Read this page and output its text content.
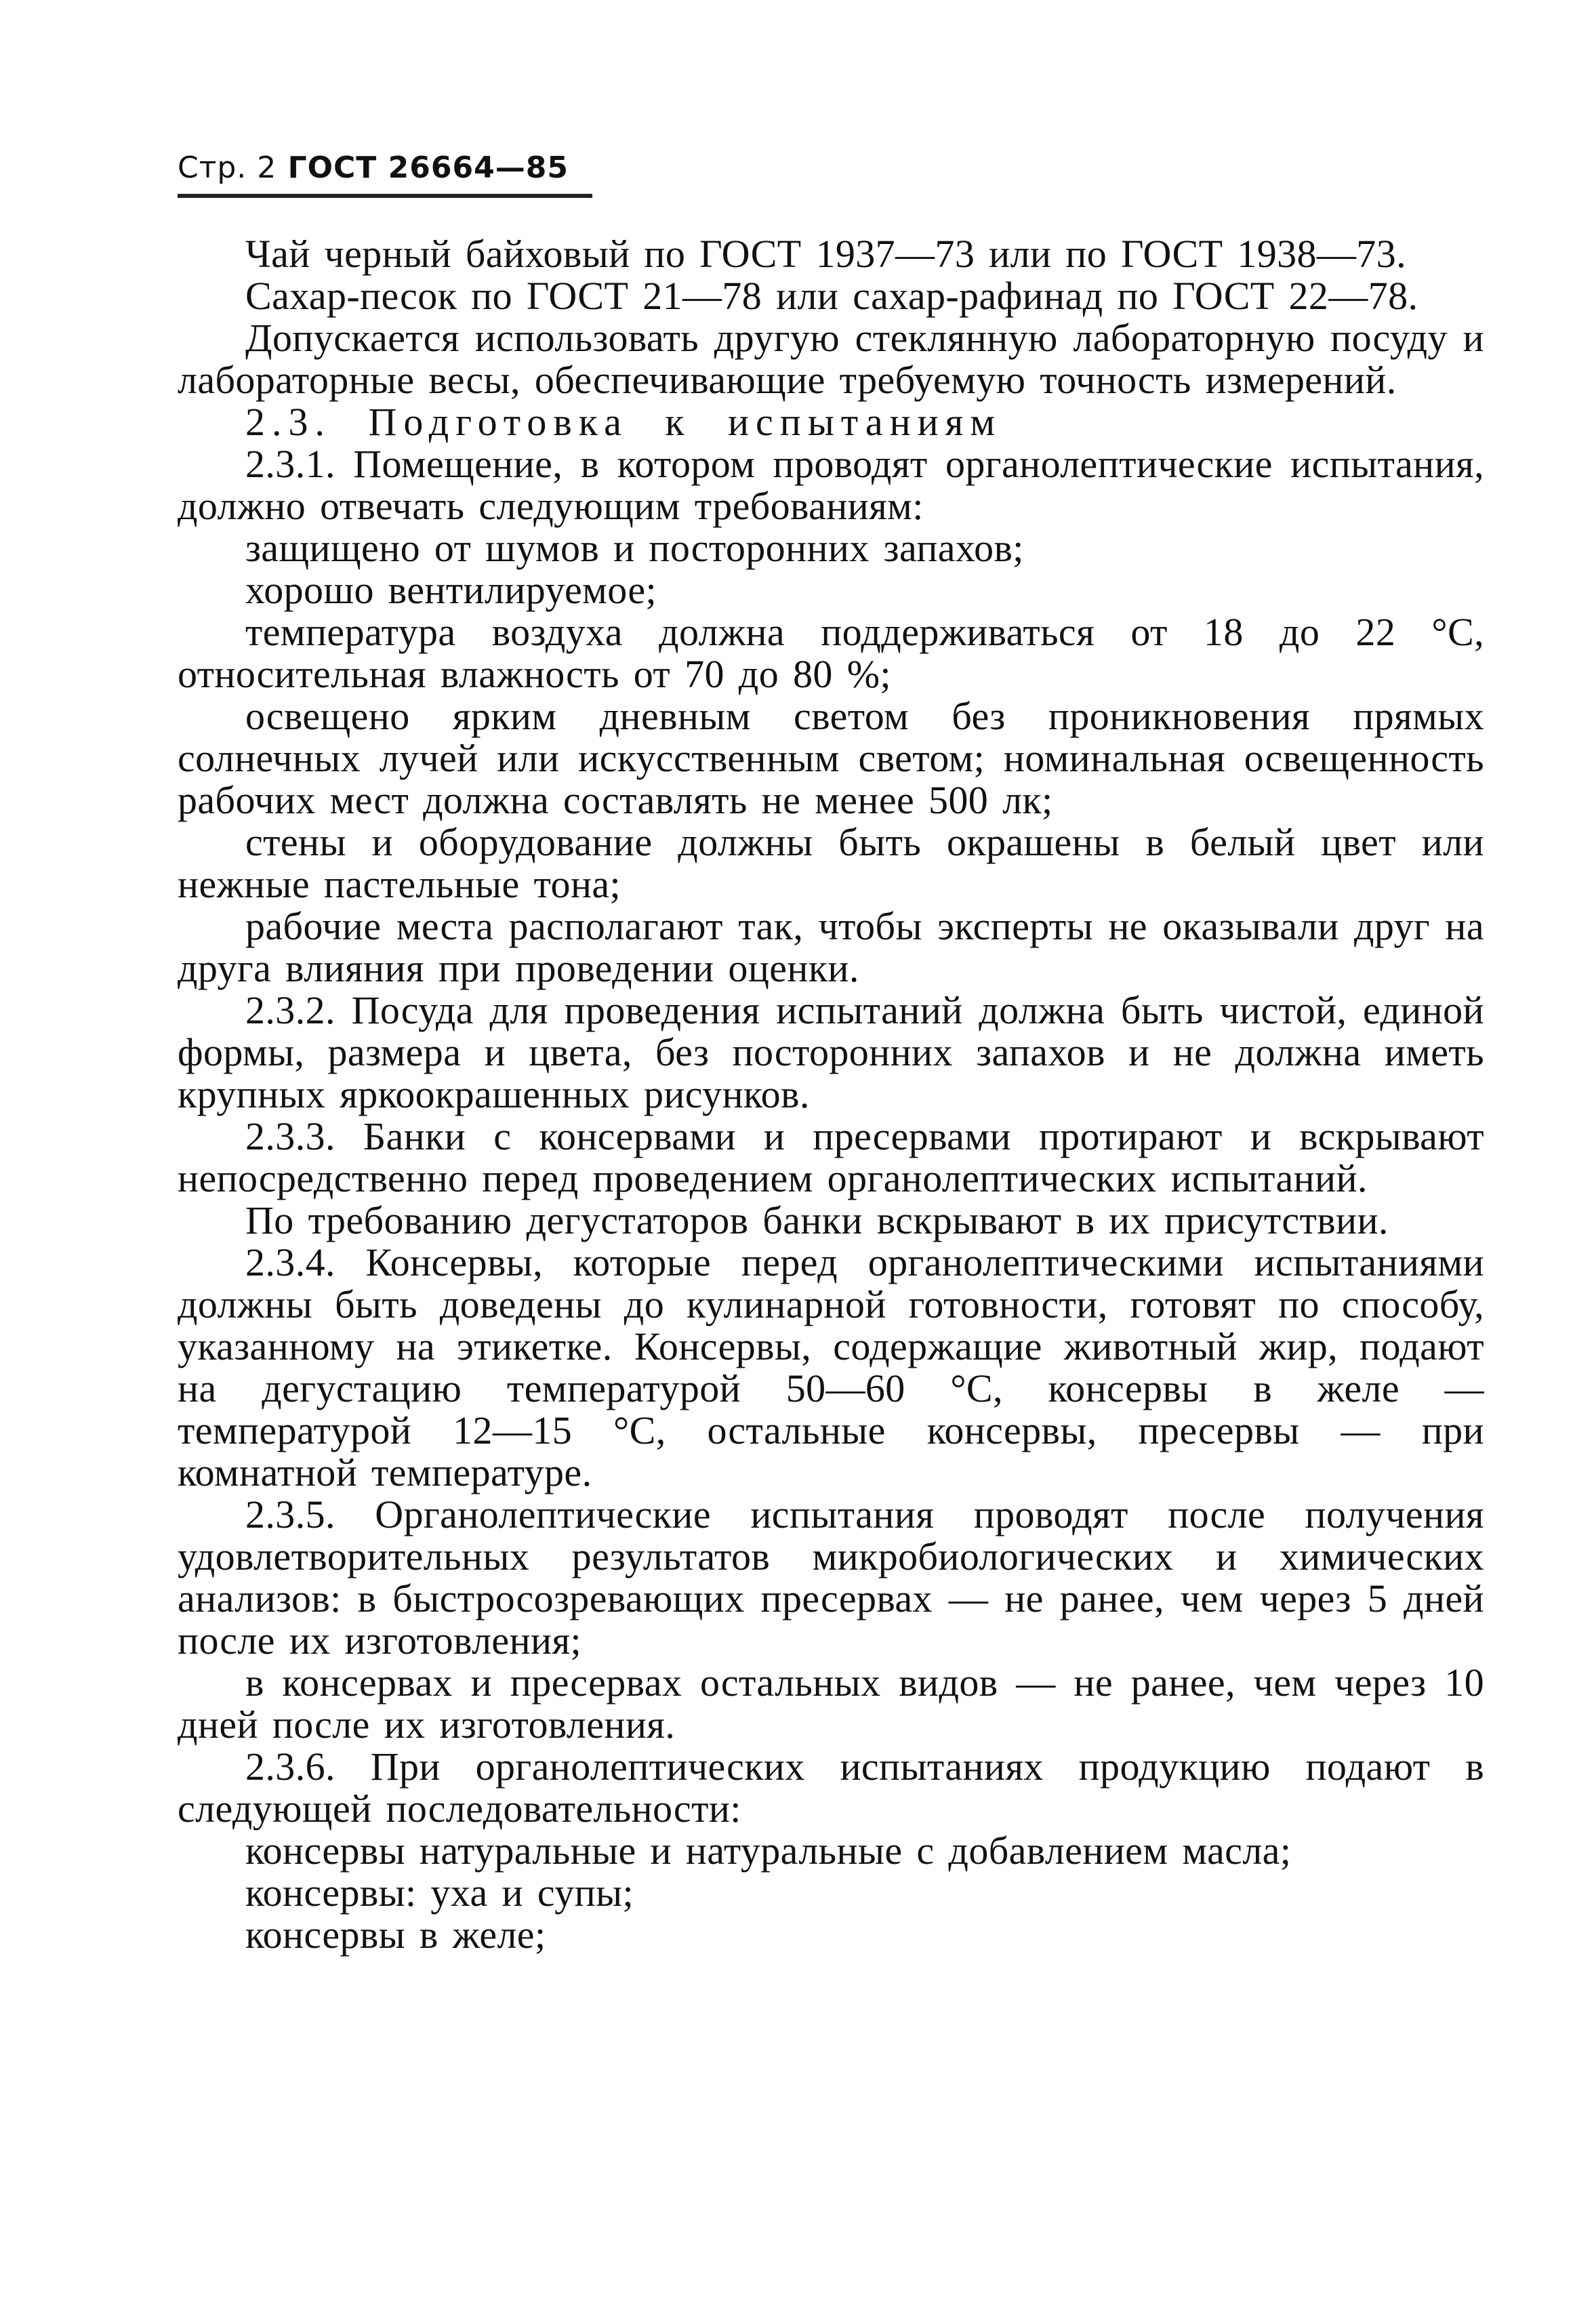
Стр. 2 ГОСТ 26664—85

Чай черный байховый по ГОСТ 1937—73 или по ГОСТ 1938—73.

Сахар-песок по ГОСТ 21—78 или сахар-рафинад по ГОСТ 22—78.

Допускается использовать другую стеклянную лабораторную посуду и лабораторные весы, обеспечивающие требуемую точность измерений.

2.3. Подготовка к испытаниям

2.3.1. Помещение, в котором проводят органолептические испытания, должно отвечать следующим требованиям:

защищено от шумов и посторонних запахов;

хорошо вентилируемое;

температура воздуха должна поддерживаться от 18 до 22 °С, относительная влажность от 70 до 80 %;

освещено ярким дневным светом без проникновения прямых солнечных лучей или искусственным светом; номинальная освещенность рабочих мест должна составлять не менее 500 лк;

стены и оборудование должны быть окрашены в белый цвет или нежные пастельные тона;

рабочие места располагают так, чтобы эксперты не оказывали друг на друга влияния при проведении оценки.

2.3.2. Посуда для проведения испытаний должна быть чистой, единой формы, размера и цвета, без посторонних запахов и не должна иметь крупных яркоокрашенных рисунков.

2.3.3. Банки с консервами и пресервами протирают и вскрывают непосредственно перед проведением органолептических испытаний.

По требованию дегустаторов банки вскрывают в их присутствии.

2.3.4. Консервы, которые перед органолептическими испытаниями должны быть доведены до кулинарной готовности, готовят по способу, указанному на этикетке. Консервы, содержащие животный жир, подают на дегустацию температурой 50—60 °С, консервы в желе — температурой 12—15 °С, остальные консервы, пресервы — при комнатной температуре.

2.3.5. Органолептические испытания проводят после получения удовлетворительных результатов микробиологических и химических анализов: в быстросозревающих пресервах — не ранее, чем через 5 дней после их изготовления;

в консервах и пресервах остальных видов — не ранее, чем через 10 дней после их изготовления.

2.3.6. При органолептических испытаниях продукцию подают в следующей последовательности:

консервы натуральные и натуральные с добавлением масла;

консервы: уха и супы;

консервы в желе;
